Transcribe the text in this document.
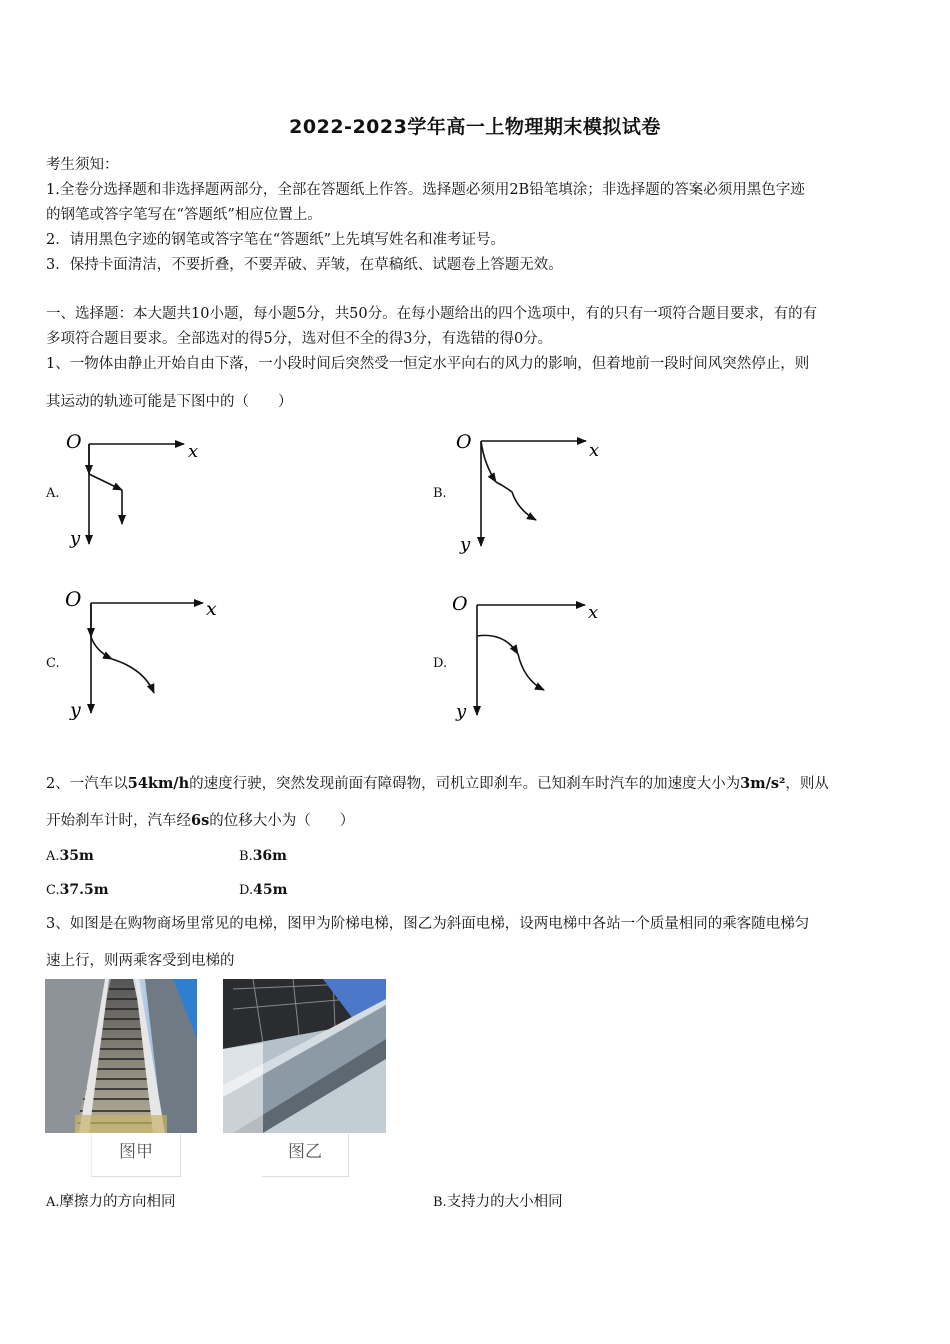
2022-2023学年高一上物理期末模拟试卷
考生须知：
1.全卷分选择题和非选择题两部分，全部在答题纸上作答。选择题必须用2B铅笔填涂；非选择题的答案必须用黑色字迹
的钢笔或答字笔写在“答题纸”相应位置上。
2．请用黑色字迹的钢笔或答字笔在“答题纸”上先填写姓名和准考证号。
3．保持卡面清洁，不要折叠，不要弄破、弄皱，在草稿纸、试题卷上答题无效。
一、选择题：本大题共10小题，每小题5分，共50分。在每小题给出的四个选项中，有的只有一项符合题目要求，有的有
多项符合题目要求。全部选对的得5分，选对但不全的得3分，有选错的得0分。
1、一物体由静止开始自由下落，一小段时间后突然受一恒定水平向右的风力的影响，但着地前一段时间风突然停止，则
其运动的轨迹可能是下图中的（　　）
A.
O	x
y
B.
O	x
y
C.
O	x
y
D.
O	x
y
2、一汽车以54km/h的速度行驶，突然发现前面有障碍物，司机立即刹车。已知刹车时汽车的加速度大小为3m/s²，则从
开始刹车计时，汽车经6s的位移大小为（　　）
A.35m	B.36m
C.37.5m	D.45m
3、如图是在购物商场里常见的电梯，图甲为阶梯电梯，图乙为斜面电梯，设两电梯中各站一个质量相同的乘客随电梯匀
速上行，则两乘客受到电梯的
图甲	图乙
A.摩擦力的方向相同	B.支持力的大小相同
